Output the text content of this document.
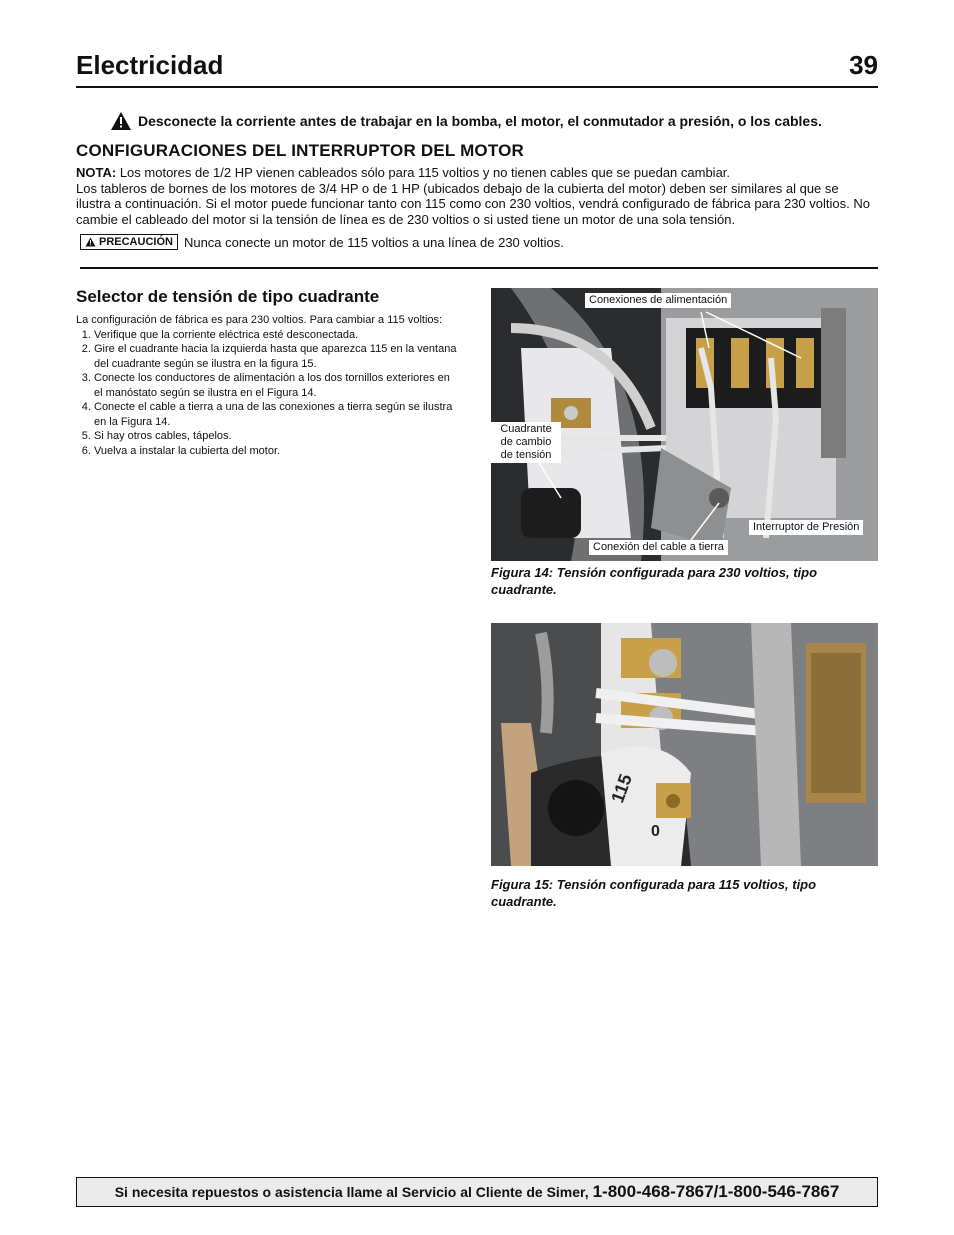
Electricidad	39
Desconecte la corriente antes de trabajar en la bomba, el motor, el conmutador a presión, o los cables.
CONFIGURACIONES DEL INTERRUPTOR DEL MOTOR

NOTA: Los motores de 1/2 HP vienen cableados sólo para 115 voltios y no tienen cables que se puedan cambiar.

Los tableros de bornes de los motores de 3/4 HP o de 1 HP (ubicados debajo de la cubierta del motor) deben ser similares al que se ilustra a continuación. Si el motor puede funcionar tanto con 115 como con 230 voltios, vendrá configurado de fábrica para 230 voltios. No cambie el cableado del motor si la tensión de línea es de 230 voltios o si usted tiene un motor de una sola tensión.

PRECAUCIÓN Nunca conecte un motor de 115 voltios a una línea de 230 voltios.
Selector de tensión de tipo cuadrante
La configuración de fábrica es para 230 voltios. Para cambiar a 115 voltios:
1. Verifique que la corriente eléctrica esté desconectada.
2. Gire el cuadrante hacia la izquierda hasta que aparezca 115 en la ventana del cuadrante según se ilustra en la figura 15.
3. Conecte los conductores de alimentación a los dos tornillos exteriores en el manóstato según se ilustra en el Figura 14.
4. Conecte el cable a tierra a una de las conexiones a tierra según se ilustra en la Figura 14.
5. Si hay otros cables, tápelos.
6. Vuelva a instalar la cubierta del motor.
Conexiones de alimentación
Cuadrante de cambio de tensión
Interruptor de Presión
Conexión del cable a tierra
Figura 14: Tensión configurada para 230 voltios, tipo cuadrante.
115
0
Figura 15: Tensión configurada para 115 voltios, tipo cuadrante.
Si necesita repuestos o asistencia llame al Servicio al Cliente de Simer, 1-800-468-7867/1-800-546-7867
